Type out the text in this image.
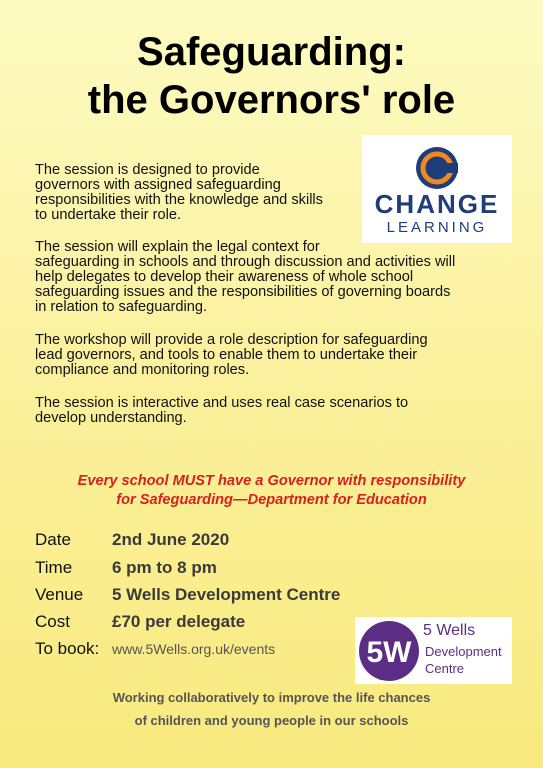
Safeguarding:
the Governors' role
The session is designed to provide
governors with assigned safeguarding
responsibilities with the knowledge and skills
to undertake their role.	CHANGE
LEARNING
The session will explain the legal context for
safeguarding in schools and through discussion and activities will
help delegates to develop their awareness of whole school
safeguarding issues and the responsibilities of governing boards
in relation to safeguarding.
The workshop will provide a role description for safeguarding
lead governors, and tools to enable them to undertake their
compliance and monitoring roles.
The session is interactive and uses real case scenarios to
develop understanding.
Every school MUST have a Governor with responsibility
for Safeguarding—Department for Education
Date 2nd June 2020
Time 6 pm to 8 pm
Venue 5 Wells Development Centre
Cost £70 per delegate
To book: www.5Wells.org.uk/events	5W
5 Wells
Development
Centre
Working collaboratively to improve the life chances
of children and young people in our schools
